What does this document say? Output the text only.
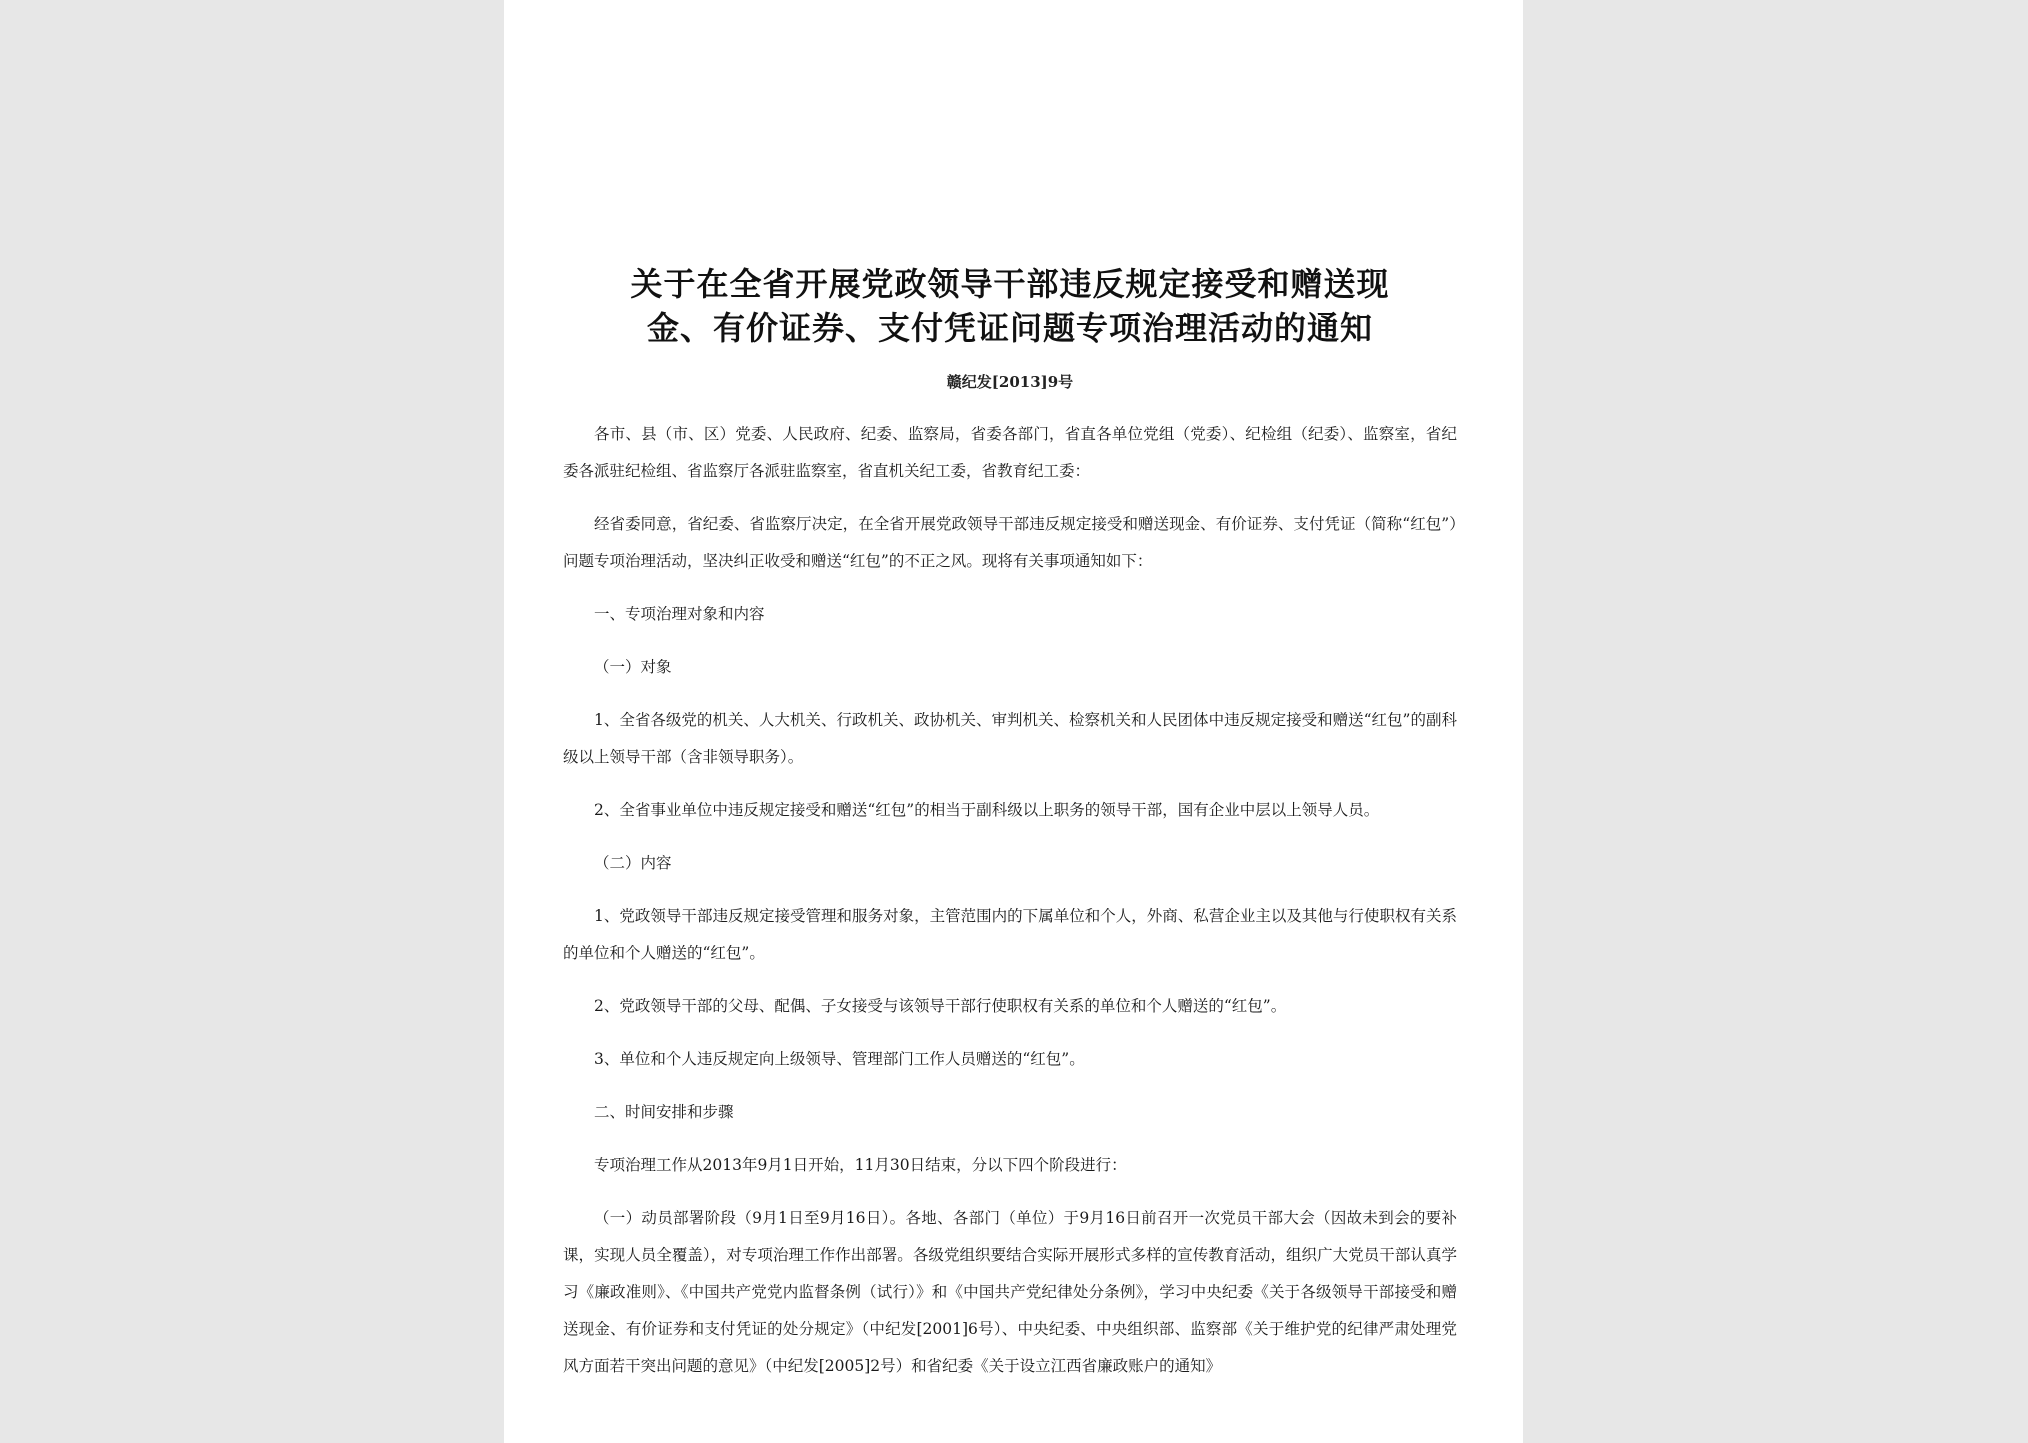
关于在全省开展党政领导干部违反规定接受和赠送现
金、有价证券、支付凭证问题专项治理活动的通知
赣纪发[2013]9号

各市、县（市、区）党委、人民政府、纪委、监察局，省委各部门，省直各单位党组（党委）、纪检组（纪委）、监察室，省纪委各派驻纪检组、省监察厅各派驻监察室，省直机关纪工委，省教育纪工委：

经省委同意，省纪委、省监察厅决定，在全省开展党政领导干部违反规定接受和赠送现金、有价证券、支付凭证（简称“红包”）问题专项治理活动，坚决纠正收受和赠送“红包”的不正之风。现将有关事项通知如下：

一、专项治理对象和内容

（一）对象

1、全省各级党的机关、人大机关、行政机关、政协机关、审判机关、检察机关和人民团体中违反规定接受和赠送“红包”的副科级以上领导干部（含非领导职务）。

2、全省事业单位中违反规定接受和赠送“红包”的相当于副科级以上职务的领导干部，国有企业中层以上领导人员。

（二）内容

1、党政领导干部违反规定接受管理和服务对象，主管范围内的下属单位和个人，外商、私营企业主以及其他与行使职权有关系的单位和个人赠送的“红包”。

2、党政领导干部的父母、配偶、子女接受与该领导干部行使职权有关系的单位和个人赠送的“红包”。

3、单位和个人违反规定向上级领导、管理部门工作人员赠送的“红包”。

二、时间安排和步骤

专项治理工作从2013年9月1日开始，11月30日结束，分以下四个阶段进行：

（一）动员部署阶段（9月1日至9月16日）。各地、各部门（单位）于9月16日前召开一次党员干部大会（因故未到会的要补课，实现人员全覆盖），对专项治理工作作出部署。各级党组织要结合实际开展形式多样的宣传教育活动，组织广大党员干部认真学习《廉政准则》、《中国共产党党内监督条例（试行）》和《中国共产党纪律处分条例》，学习中央纪委《关于各级领导干部接受和赠送现金、有价证券和支付凭证的处分规定》（中纪发[2001]6号）、中央纪委、中央组织部、监察部《关于维护党的纪律严肃处理党风方面若干突出问题的意见》（中纪发[2005]2号）和省纪委《关于设立江西省廉政账户的通知》
